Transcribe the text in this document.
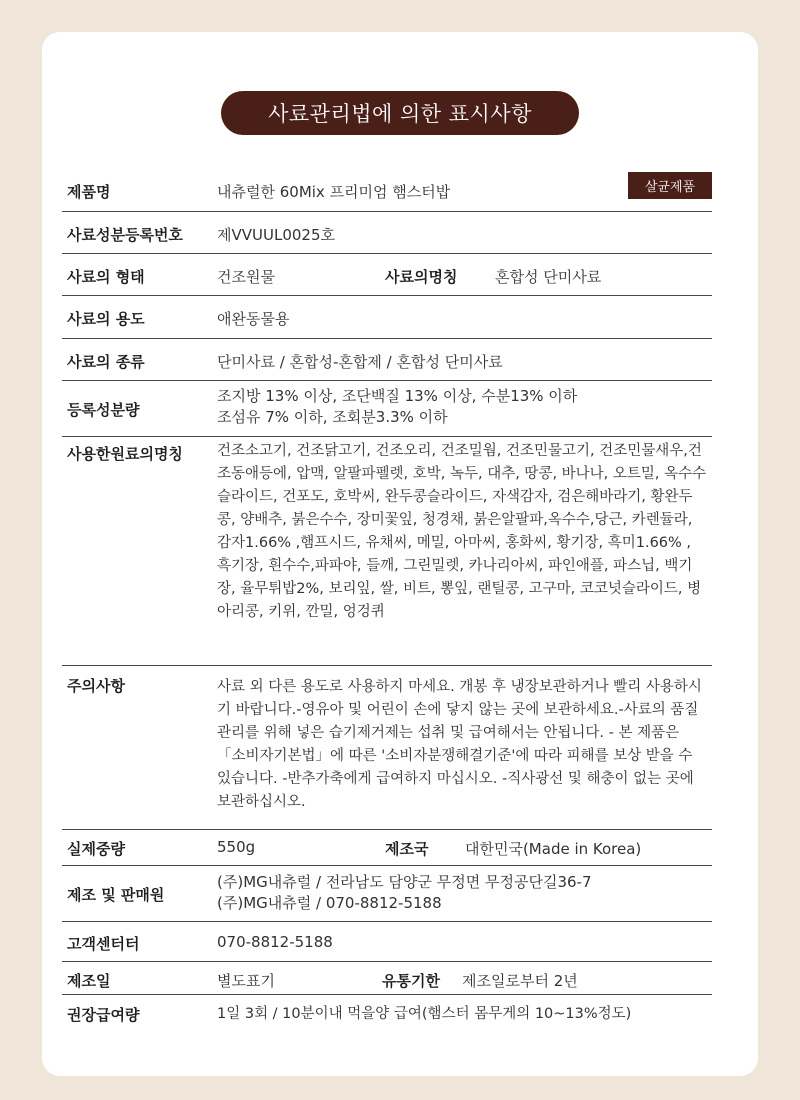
사료관리법에 의한 표시사항
살균제품
제품명	내츄럴한 60Mix 프리미엄 햄스터밥
사료성분등록번호 제VVUUL0025호
사료의 형태	건조원물	사료의명칭	혼합성 단미사료
사료의 용도	애완동물용
사료의 종류	단미사료 / 혼합성-혼합제 / 혼합성 단미사료
등록성분량
조지방 13% 이상, 조단백질 13% 이상, 수분13% 이하
조섬유 7% 이하, 조회분3.3% 이하
사용한원료의명칭 건조소고기, 건조닭고기, 건조오리, 건조밀웜, 건조민물고기, 건조민물새우,건조동애등에, 압맥, 알팔파펠렛, 호박, 녹두, 대추, 땅콩, 바나나, 오트밀, 옥수수슬라이드, 건포도, 호박씨, 완두콩슬라이드, 자색감자, 검은해바라기, 황완두콩, 양배추, 붉은수수, 장미꽃잎, 청경채, 붉은알팔파,옥수수,당근, 카렌듈라, 감자1.66% ,햄프시드, 유채씨, 메밀, 아마씨, 홍화씨, 황기장, 흑미1.66% , 흑기장, 흰수수,파파야, 들깨, 그린밀렛, 카나리아씨, 파인애플, 파스닙, 백기장, 율무튀밥2%, 보리잎, 쌀, 비트, 뽕잎, 랜틸콩, 고구마, 코코넛슬라이드, 병아리콩, 키위, 깐밀, 엉겅퀴
주의사항	사료 외 다른 용도로 사용하지 마세요. 개봉 후 냉장보관하거나 빨리 사용하시기 바랍니다.-영유아 및 어린이 손에 닿지 않는 곳에 보관하세요.-사료의 품질관리를 위해 넣은 습기제거제는 섭취 및 급여해서는 안됩니다. - 본 제품은 「소비자기본법」에 따른 '소비자분쟁해결기준'에 따라 피해를 보상 받을 수 있습니다. -반추가축에게 급여하지 마십시오. -직사광선 및 해충이 없는 곳에 보관하십시오.
실제중량	550g	제조국 대한민국(Made in Korea)
제조 및 판매원
(주)MG내츄럴 / 전라남도 담양군 무정면 무정공단길36-7
(주)MG내츄럴 / 070-8812-5188
고객센터터	070-8812-5188
제조일	별도표기	유통기한 제조일로부터 2년
권장급여량	1일 3회 / 10분이내 먹을양 급여(햄스터 몸무게의 10~13%정도)
